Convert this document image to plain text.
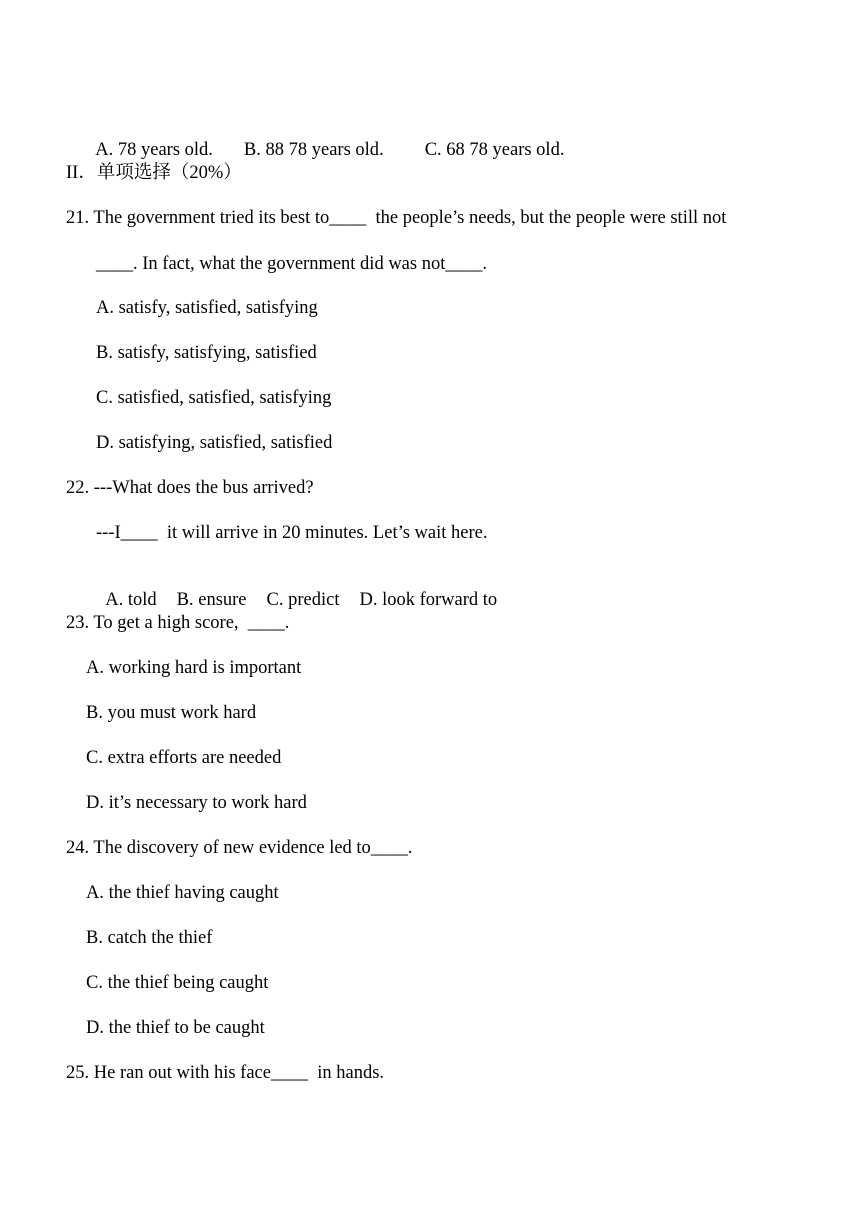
A. 78 years old. B. 88 78 years old. C. 68 78 years old.

II．单项选择（20%）
21. The government tried its best to____  the people’s needs, but the people were still not
____. In fact, what the government did was not____.
A. satisfy, satisfied, satisfying
B. satisfy, satisfying, satisfied
C. satisfied, satisfied, satisfying
D. satisfying, satisfied, satisfied
22. ---What does the bus arrived?
---I____  it will arrive in 20 minutes. Let’s wait here.

A. told B. ensure C. predict D. look forward to

23. To get a high score,  ____.
A. working hard is important
B. you must work hard
C. extra efforts are needed
D. it’s necessary to work hard
24. The discovery of new evidence led to____.
A. the thief having caught
B. catch the thief
C. the thief being caught
D. the thief to be caught
25. He ran out with his face____  in hands.
